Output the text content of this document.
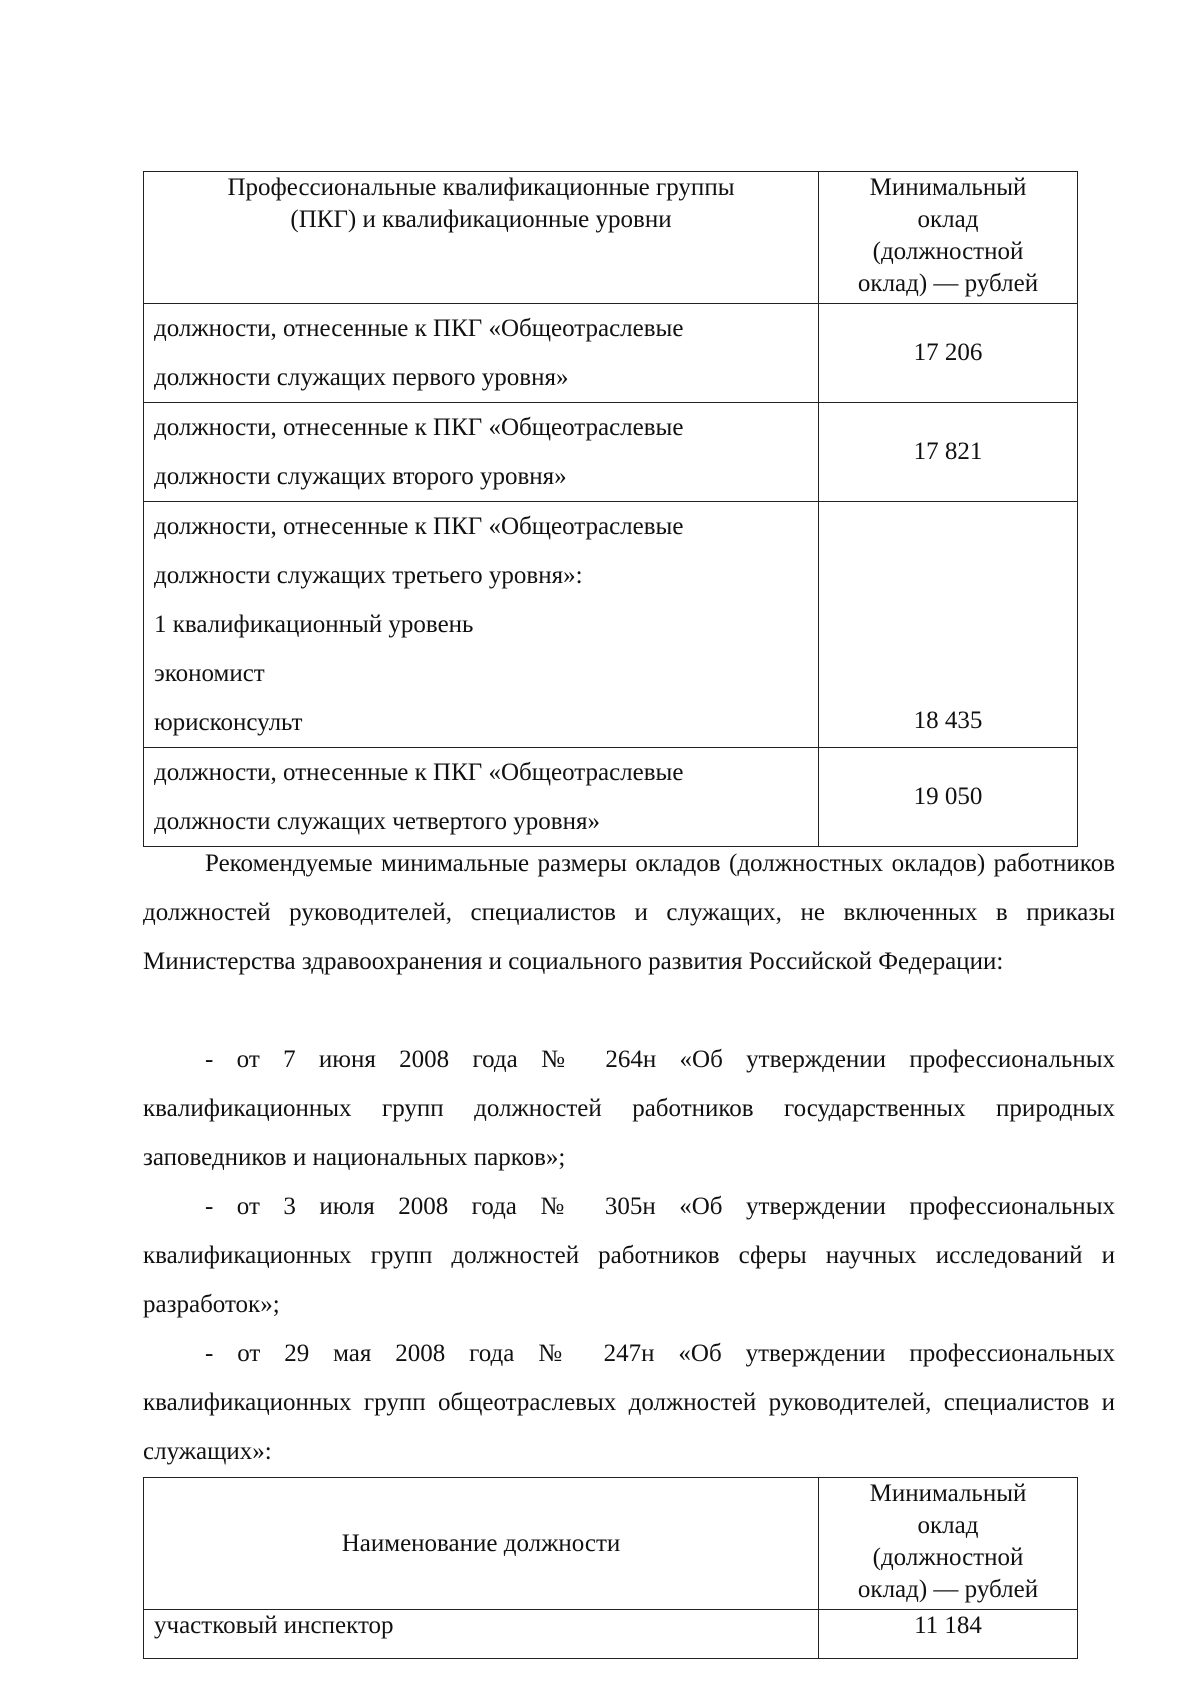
Профессиональные квалификационные группы
(ПКГ) и квалификационные уровни	Минимальный
оклад
(должностной
оклад) — рублей

должности, отнесенные к ПКГ «Общеотраслевые
должности служащих первого уровня»	17 206

должности, отнесенные к ПКГ «Общеотраслевые
должности служащих второго уровня»	17 821

должности, отнесенные к ПКГ «Общеотраслевые
должности служащих третьего уровня»:
1 квалификационный уровень
экономист
юрисконсульт	18 435

должности, отнесенные к ПКГ «Общеотраслевые
должности служащих четвертого уровня»	19 050

Рекомендуемые минимальные размеры окладов (должностных окладов) работников должностей руководителей, специалистов и служащих, не включенных в приказы Министерства здравоохранения и социального развития Российской Федерации:

- от 7 июня 2008 года № 264н «Об утверждении профессиональных квалификационных групп должностей работников государственных природных заповедников и национальных парков»;

- от 3 июля 2008 года № 305н «Об утверждении профессиональных квалификационных групп должностей работников сферы научных исследований и разработок»;

- от 29 мая 2008 года № 247н «Об утверждении профессиональных квалификационных групп общеотраслевых должностей руководителей, специалистов и служащих»:

Наименование должности	Минимальный
оклад
(должностной
оклад) — рублей

участковый инспектор	11 184
